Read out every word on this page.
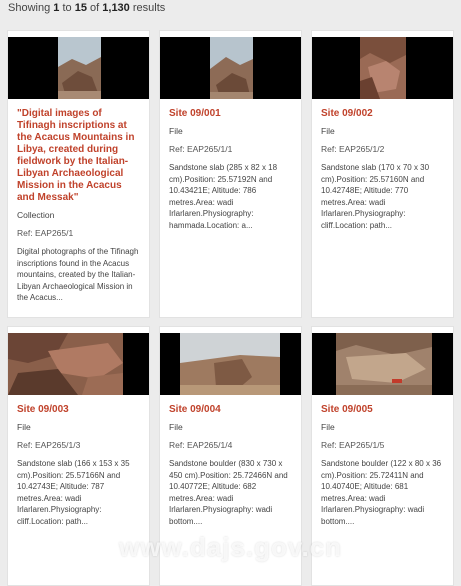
Showing 1 to 15 of 1,130 results
"Digital images of Tifinagh inscriptions at the Acacus Mountains in Libya, created during fieldwork by the Italian-Libyan Archaeological Mission in the Acacus and Messak"
Collection
Ref: EAP265/1
Digital photographs of the Tifinagh inscriptions found in the Acacus mountains, created by the Italian-Libyan Archaeological Mission in the Acacus...
Site 09/001
File
Ref: EAP265/1/1
Sandstone slab (285 x 82 x 18 cm).Position: 25.57192N and 10.43421E; Altitude: 786 metres.Area: wadi Irlarlaren.Physiography: hammada.Location: a...
Site 09/002
File
Ref: EAP265/1/2
Sandstone slab (170 x 70 x 30 cm).Position: 25.57160N and 10.42748E; Altitude: 770 metres.Area: wadi Irlarlaren.Physiography: cliff.Location: path...
Site 09/003
File
Ref: EAP265/1/3
Sandstone slab (166 x 153 x 35 cm).Position: 25.57166N and 10.42743E; Altitude: 787 metres.Area: wadi Irlarlaren.Physiography: cliff.Location: path...
Site 09/004
File
Ref: EAP265/1/4
Sandstone boulder (830 x 730 x 450 cm).Position: 25.72466N and 10.40772E; Altitude: 682 metres.Area: wadi Irlarlaren.Physiography: wadi bottom....
Site 09/005
File
Ref: EAP265/1/5
Sandstone boulder (122 x 80 x 36 cm).Position: 25.72411N and 10.40740E; Altitude: 681 metres.Area: wadi Irlarlaren.Physiography: wadi bottom....
www.dajs.gov.cn
